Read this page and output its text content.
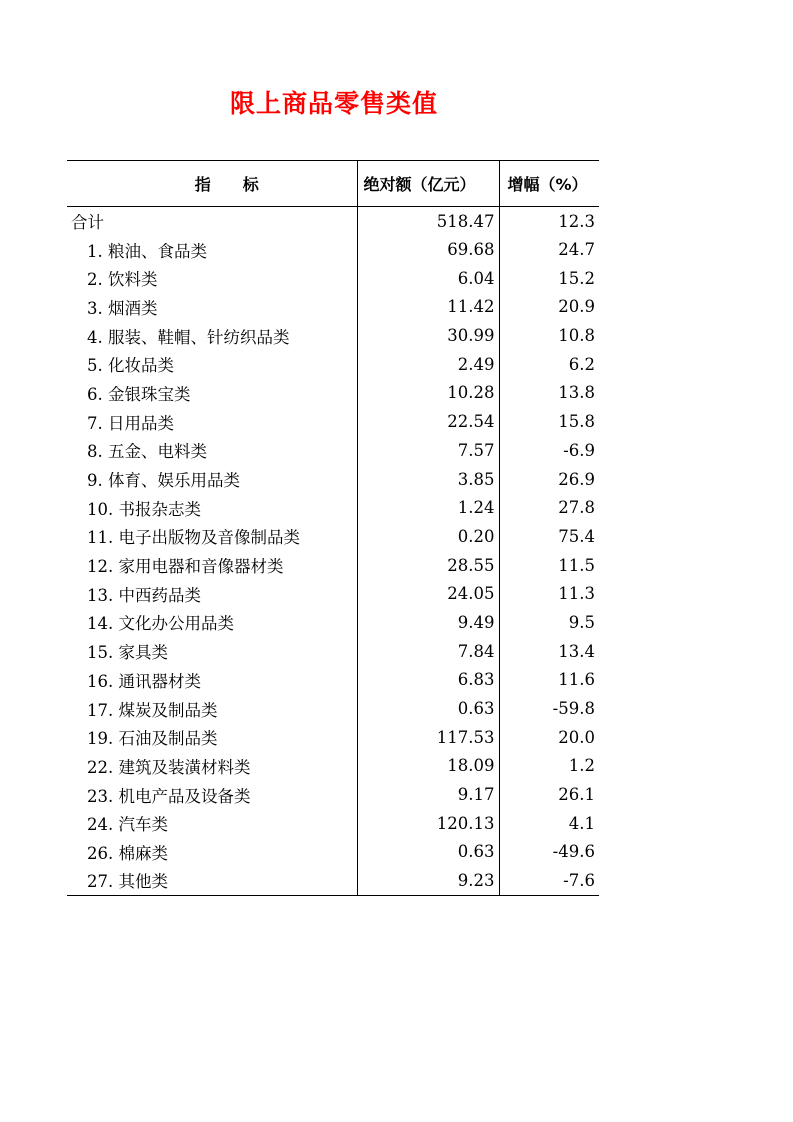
限上商品零售类值
指　　标	绝对额（亿元）	增幅（%）
合计	518.47	12.3
1. 粮油、食品类	69.68	24.7
2. 饮料类	6.04	15.2
3. 烟酒类	11.42	20.9
4. 服装、鞋帽、针纺织品类	30.99	10.8
5. 化妆品类	2.49	6.2
6. 金银珠宝类	10.28	13.8
7. 日用品类	22.54	15.8
8. 五金、电料类	7.57	-6.9
9. 体育、娱乐用品类	3.85	26.9
10. 书报杂志类	1.24	27.8
11. 电子出版物及音像制品类	0.20	75.4
12. 家用电器和音像器材类	28.55	11.5
13. 中西药品类	24.05	11.3
14. 文化办公用品类	9.49	9.5
15. 家具类	7.84	13.4
16. 通讯器材类	6.83	11.6
17. 煤炭及制品类	0.63	-59.8
19. 石油及制品类	117.53	20.0
22. 建筑及装潢材料类	18.09	1.2
23. 机电产品及设备类	9.17	26.1
24. 汽车类	120.13	4.1
26. 棉麻类	0.63	-49.6
27. 其他类	9.23	-7.6
